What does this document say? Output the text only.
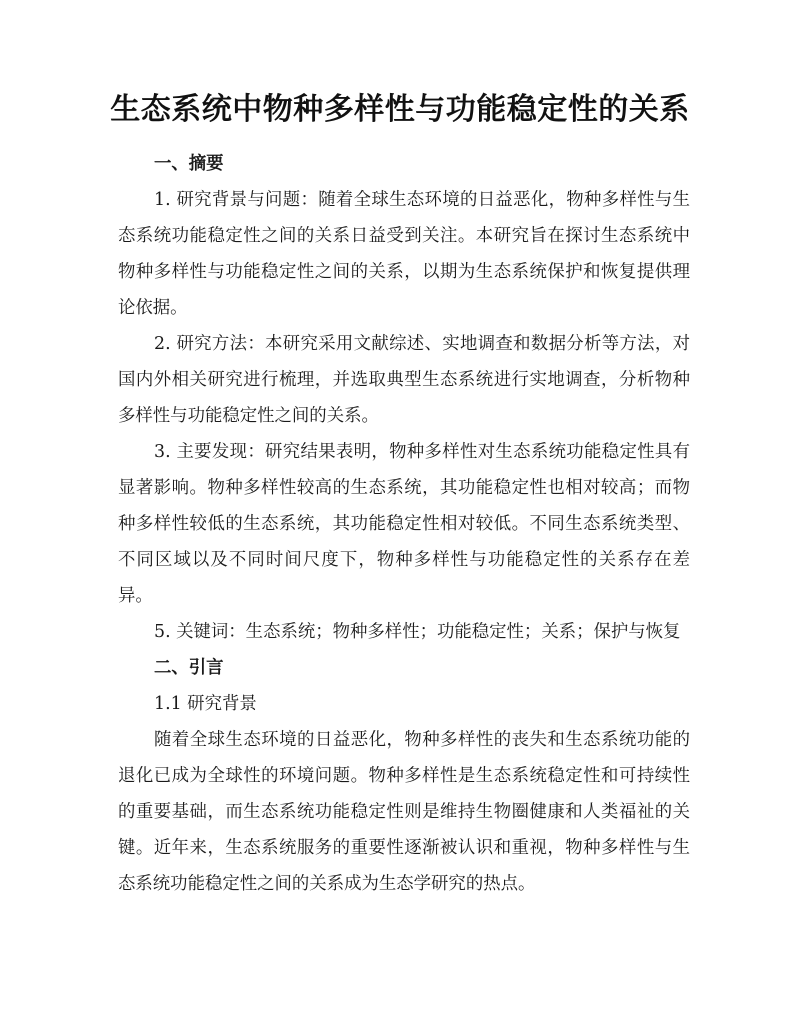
生态系统中物种多样性与功能稳定性的关系

一、摘要

1. 研究背景与问题：随着全球生态环境的日益恶化，物种多样性与生态系统功能稳定性之间的关系日益受到关注。本研究旨在探讨生态系统中物种多样性与功能稳定性之间的关系，以期为生态系统保护和恢复提供理论依据。

2. 研究方法：本研究采用文献综述、实地调查和数据分析等方法，对国内外相关研究进行梳理，并选取典型生态系统进行实地调查，分析物种多样性与功能稳定性之间的关系。

3. 主要发现：研究结果表明，物种多样性对生态系统功能稳定性具有显著影响。物种多样性较高的生态系统，其功能稳定性也相对较高；而物种多样性较低的生态系统，其功能稳定性相对较低。不同生态系统类型、不同区域以及不同时间尺度下，物种多样性与功能稳定性的关系存在差异。

5. 关键词：生态系统；物种多样性；功能稳定性；关系；保护与恢复

二、引言

1.1 研究背景

随着全球生态环境的日益恶化，物种多样性的丧失和生态系统功能的退化已成为全球性的环境问题。物种多样性是生态系统稳定性和可持续性的重要基础，而生态系统功能稳定性则是维持生物圈健康和人类福祉的关键。近年来，生态系统服务的重要性逐渐被认识和重视，物种多样性与生态系统功能稳定性之间的关系成为生态学研究的热点。
